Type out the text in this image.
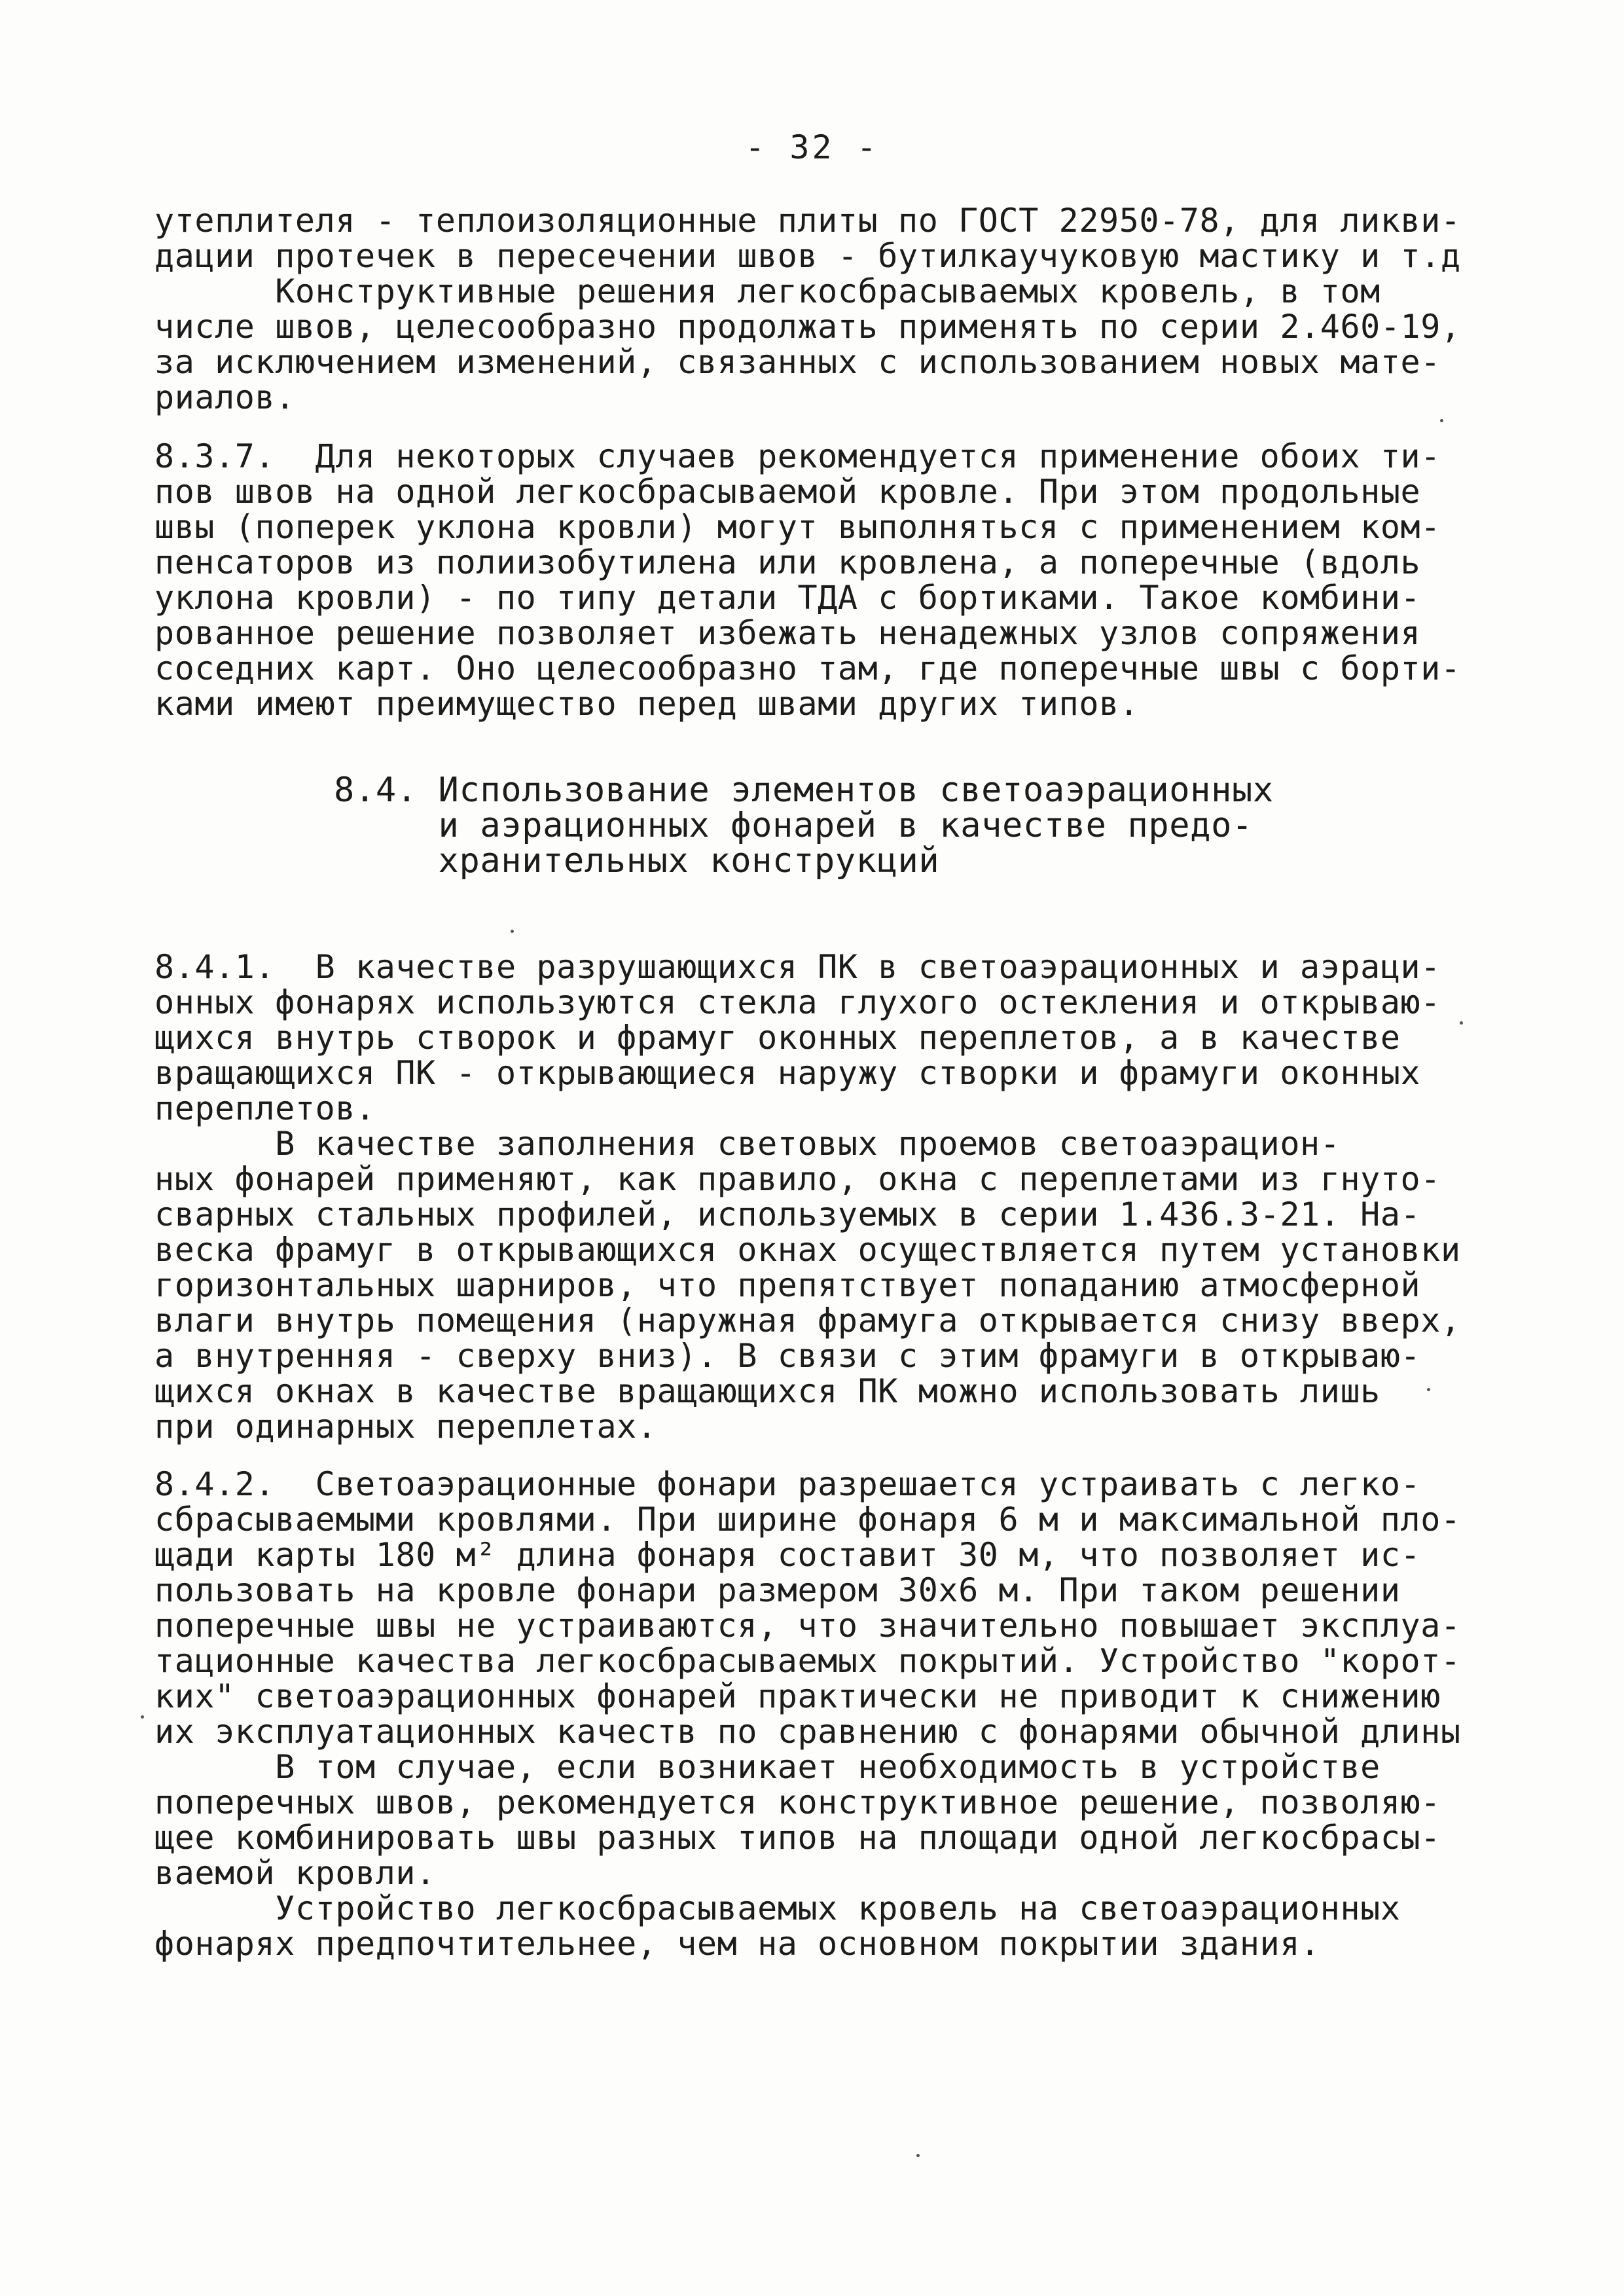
- 32 -
утеплителя - теплоизоляционные плиты по ГОСТ 22950-78, для ликви-
дации протечек в пересечении швов - бутилкаучуковую мастику и т.д
Конструктивные решения легкосбрасываемых кровель, в том
числе швов, целесообразно продолжать применять по серии 2.460-19,
за исключением изменений, связанных с использованием новых мате-
риалов.
8.3.7.  Для некоторых случаев рекомендуется применение обоих ти-
пов швов на одной легкосбрасываемой кровле. При этом продольные
швы (поперек уклона кровли) могут выполняться с применением ком-
пенсаторов из полиизобутилена или кровлена, а поперечные (вдоль
уклона кровли) - по типу детали ТДА с бортиками. Такое комбини-
рованное решение позволяет избежать ненадежных узлов сопряжения
соседних карт. Оно целесообразно там, где поперечные швы с борти-
ками имеют преимущество перед швами других типов.
8.4. Использование элементов светоаэрационных
и аэрационных фонарей в качестве предо-
хранительных конструкций
8.4.1.  В качестве разрушающихся ПК в светоаэрационных и аэраци-
онных фонарях используются стекла глухого остекления и открываю-
щихся внутрь створок и фрамуг оконных переплетов, а в качестве
вращающихся ПК - открывающиеся наружу створки и фрамуги оконных
переплетов.
В качестве заполнения световых проемов светоаэрацион-
ных фонарей применяют, как правило, окна с переплетами из гнуто-
сварных стальных профилей, используемых в серии 1.436.3-21. На-
веска фрамуг в открывающихся окнах осуществляется путем установки
горизонтальных шарниров, что препятствует попаданию атмосферной
влаги внутрь помещения (наружная фрамуга открывается снизу вверх,
а внутренняя - сверху вниз). В связи с этим фрамуги в открываю-
щихся окнах в качестве вращающихся ПК можно использовать лишь
при одинарных переплетах.
8.4.2.  Светоаэрационные фонари разрешается устраивать с легко-
сбрасываемыми кровлями. При ширине фонаря 6 м и максимальной пло-
щади карты 180 м² длина фонаря составит 30 м, что позволяет ис-
пользовать на кровле фонари размером 30х6 м. При таком решении
поперечные швы не устраиваются, что значительно повышает эксплуа-
тационные качества легкосбрасываемых покрытий. Устройство "корот-
ких" светоаэрационных фонарей практически не приводит к снижению
их эксплуатационных качеств по сравнению с фонарями обычной длины
В том случае, если возникает необходимость в устройстве
поперечных швов, рекомендуется конструктивное решение, позволяю-
щее комбинировать швы разных типов на площади одной легкосбрасы-
ваемой кровли.
Устройство легкосбрасываемых кровель на светоаэрационных
фонарях предпочтительнее, чем на основном покрытии здания.
